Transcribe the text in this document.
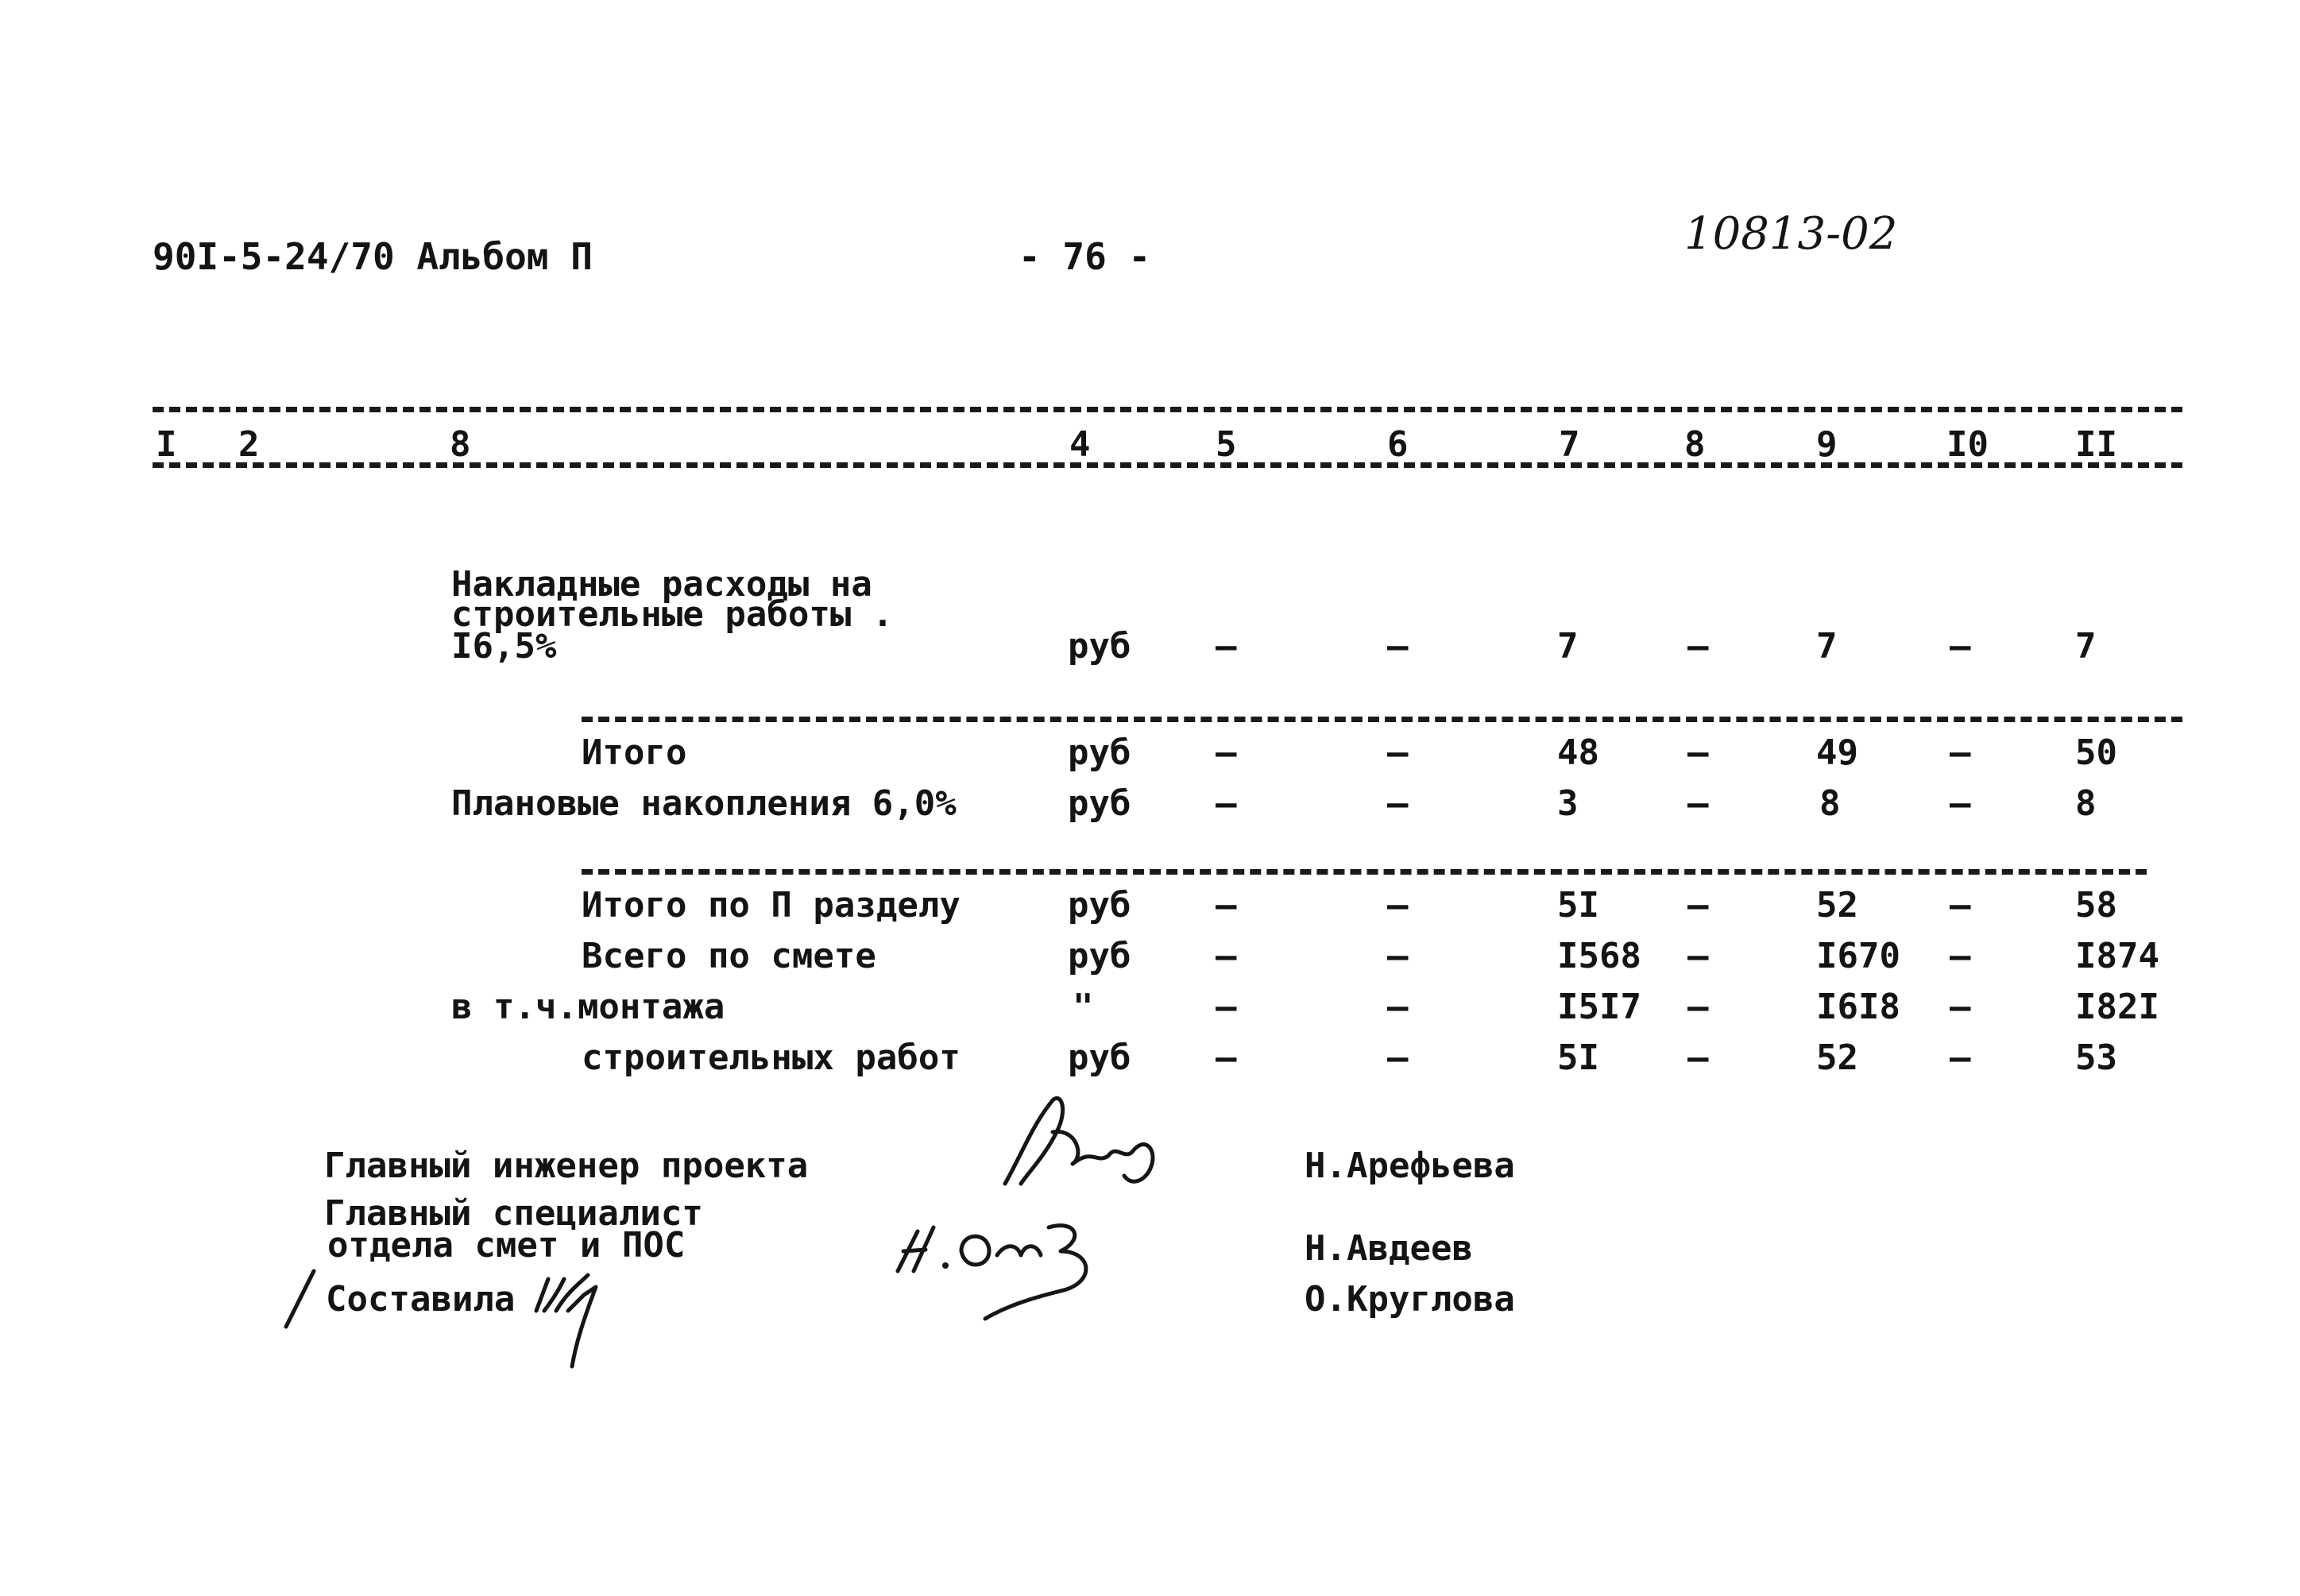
90I-5-24/70 Альбом П	- 76 -	10813-02
I 2	8	4	5	6	7	8	9	I0 II
Накладные расходы на
строительные работы .
I6,5%	руб –	–	7	–	7	–	7
Итого	руб –	–	48	–	49	–	50
Плановые накопления 6,0%	руб –	–	3	–	8	–	8
Итого по П разделу	руб –	–	5I	–	52	–	58
Всего по смете	руб –	–	I568 –	I670 –	I874
в т.ч.монтажа	"	–	–	I5I7 –	I6I8 –	I82I
строительных работ	руб –	–	5I	–	52	–	53
Главный инженер проекта
Главный специалист
отдела смет и ПОС
Составила
Н.Арефьева
Н.Авдеев
О.Круглова
